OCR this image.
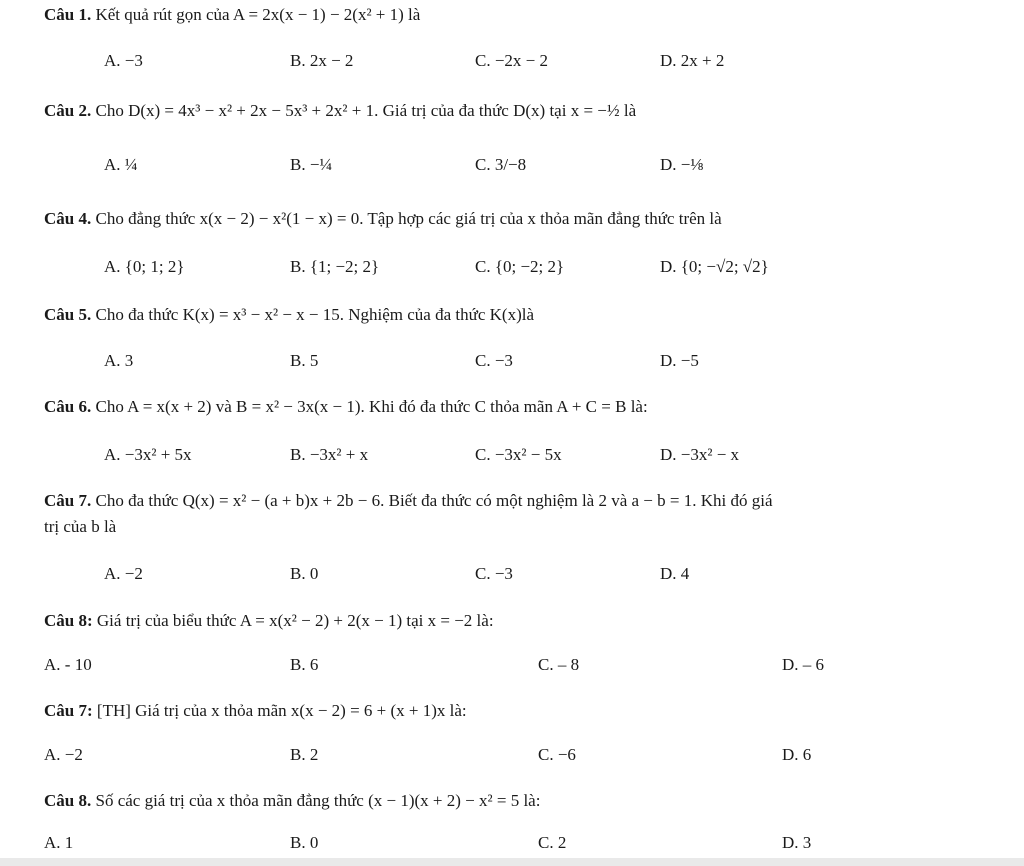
Câu 1. Kết quả rút gọn của A = 2x(x − 1) − 2(x² + 1) là
A. −3	B. 2x − 2	C. −2x − 2	D. 2x + 2
Câu 2. Cho D(x) = 4x³ − x² + 2x − 5x³ + 2x² + 1. Giá trị của đa thức D(x) tại x = −½ là
A. ¼	B. −¼	C. 3/−8	D. −⅛
Câu 4. Cho đẳng thức x(x − 2) − x²(1 − x) = 0. Tập hợp các giá trị của x thỏa mãn đẳng thức trên là
A. {0; 1; 2}	B. {1; −2; 2}	C. {0; −2; 2}	D. {0; −√2; √2}
Câu 5. Cho đa thức K(x) = x³ − x² − x − 15. Nghiệm của đa thức K(x)là
A. 3	B. 5	C. −3	D. −5
Câu 6. Cho A = x(x + 2) và B = x² − 3x(x − 1). Khi đó đa thức C thỏa mãn A + C = B là:
A. −3x² + 5x	B. −3x² + x	C. −3x² − 5x	D. −3x² − x
Câu 7. Cho đa thức Q(x) = x² − (a + b)x + 2b − 6. Biết đa thức có một nghiệm là 2 và a − b = 1. Khi đó giá
trị của b là
A. −2	B. 0	C. −3	D. 4
Câu 8: Giá trị của biểu thức A = x(x² − 2) + 2(x − 1) tại x = −2 là:
A. - 10	B. 6	C. – 8	D. – 6
Câu 7: [TH] Giá trị của x thỏa mãn x(x − 2) = 6 + (x + 1)x là:
A. −2	B. 2	C. −6	D. 6
Câu 8. Số các giá trị của x thỏa mãn đẳng thức (x − 1)(x + 2) − x² = 5 là:
A. 1	B. 0	C. 2	D. 3
